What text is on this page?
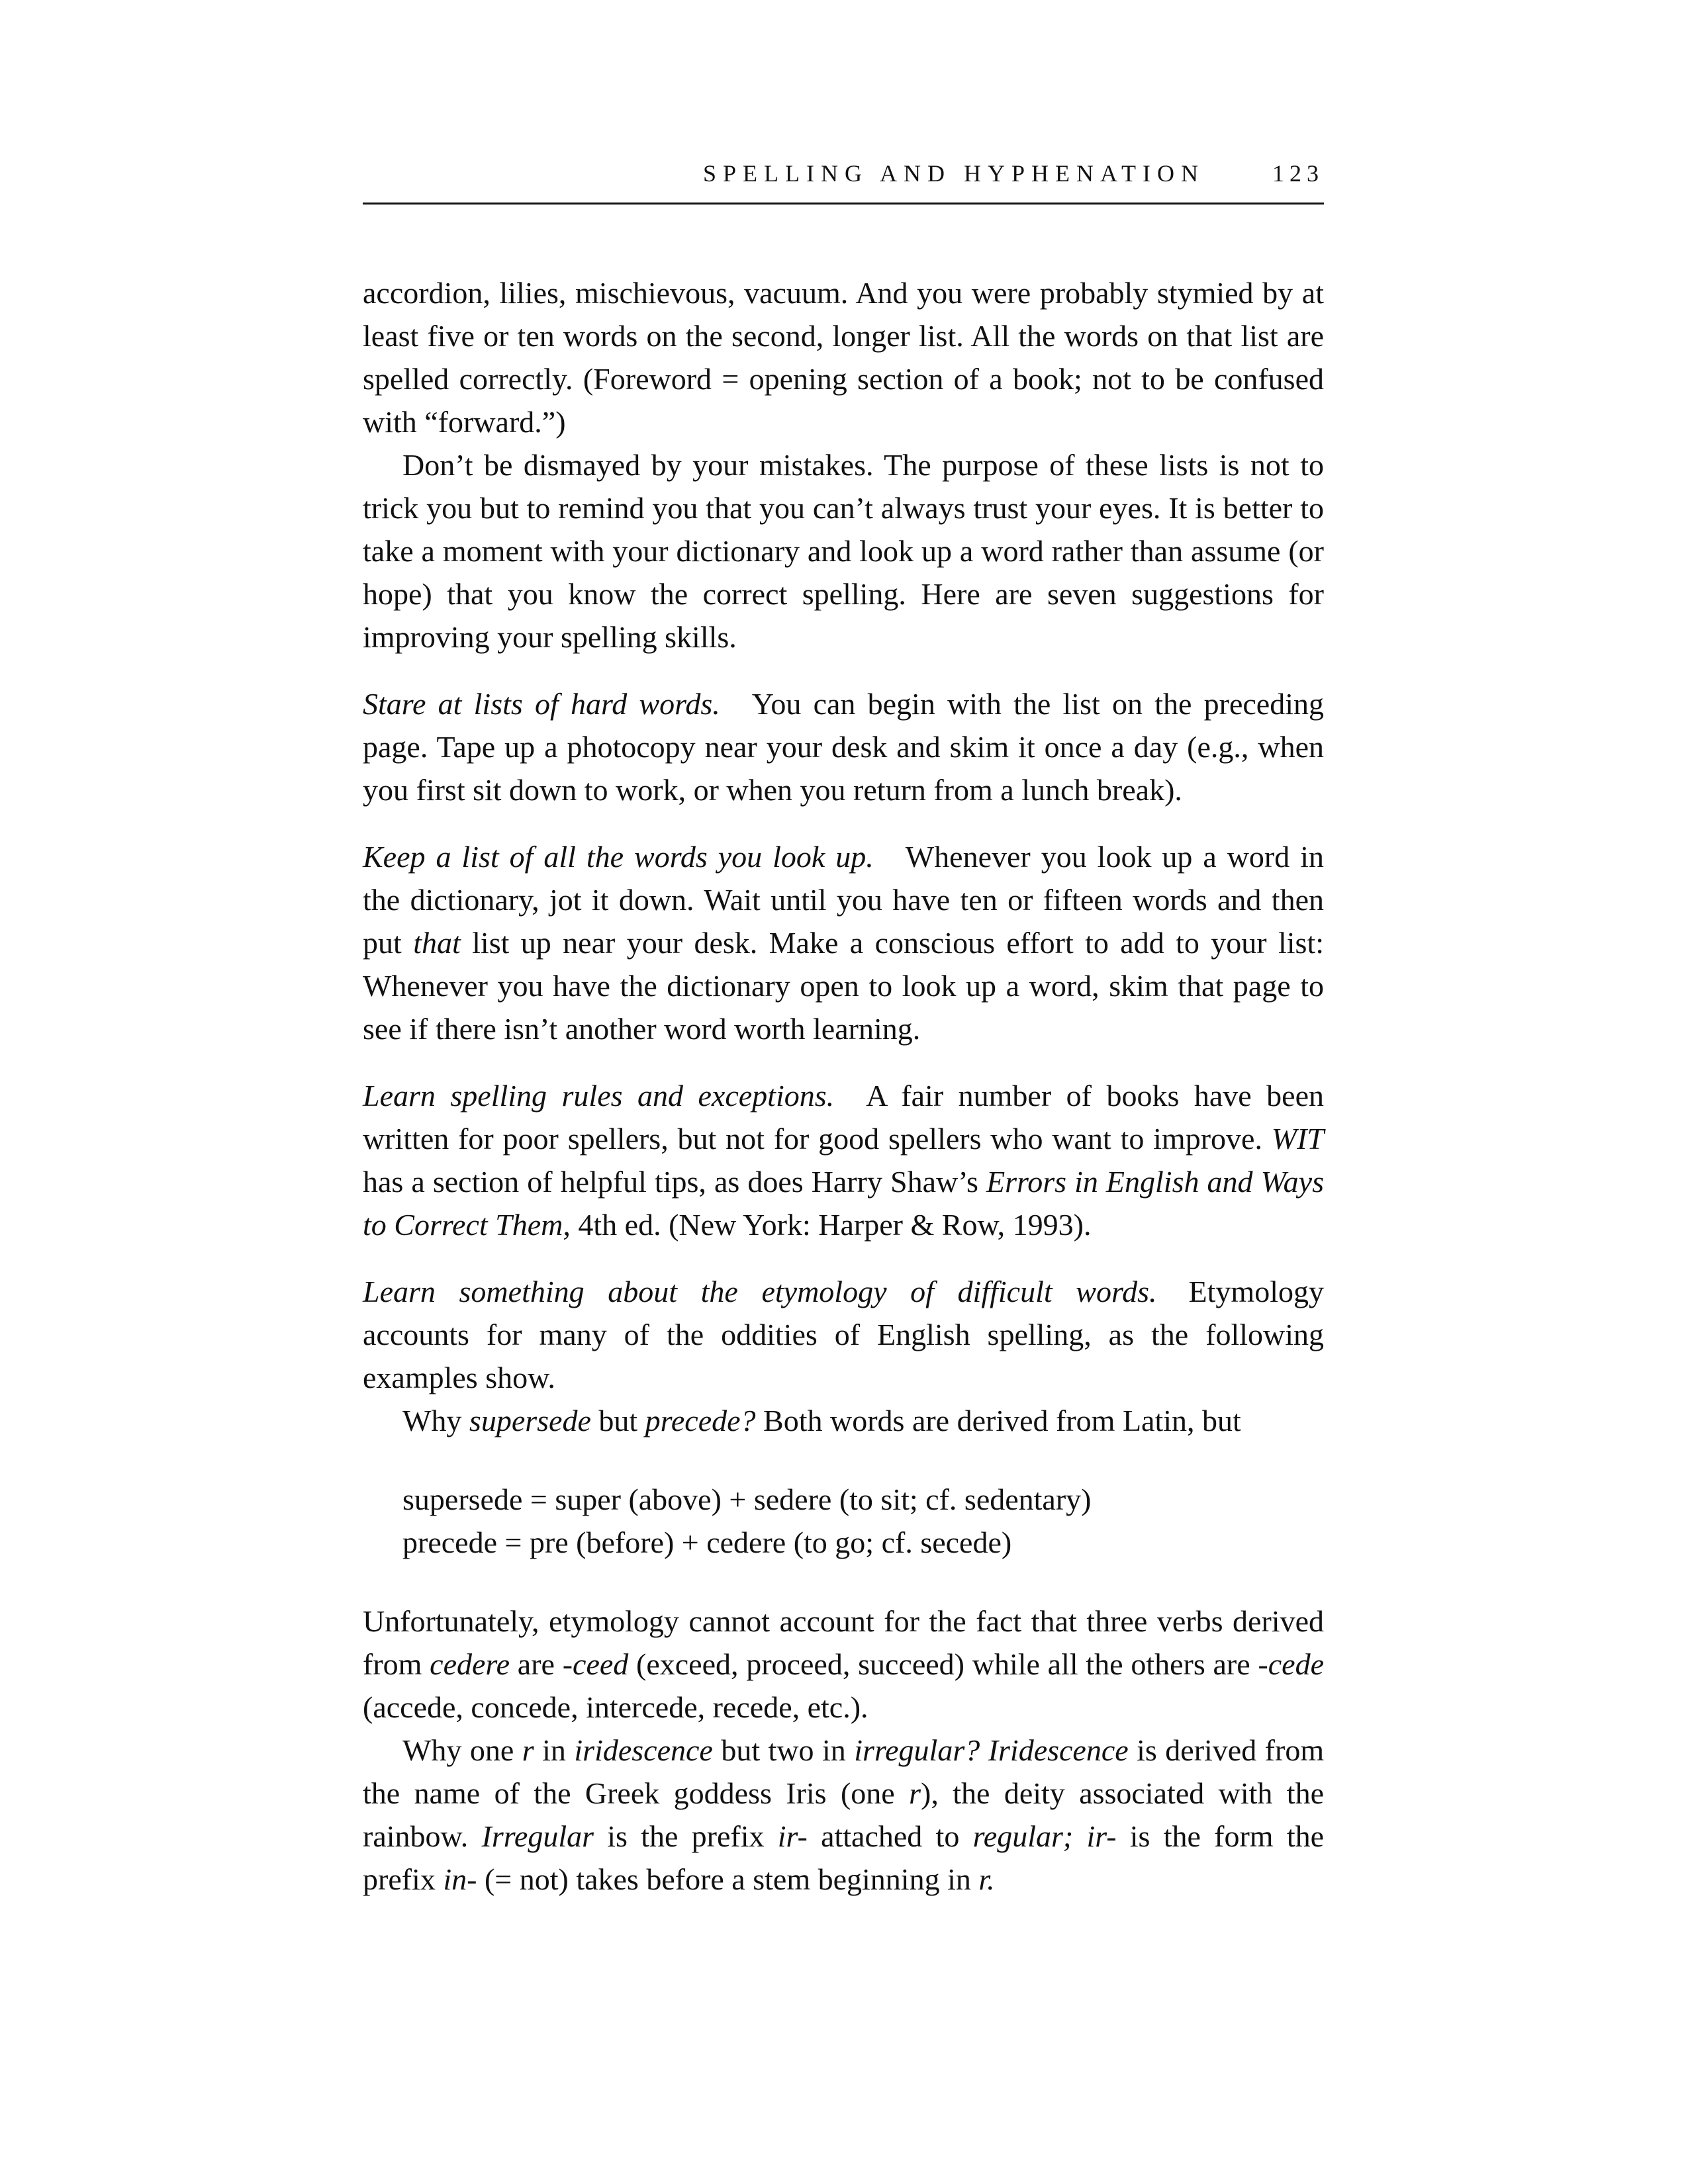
SPELLING AND HYPHENATION	123

accordion, lilies, mischievous, vacuum. And you were probably stymied by at least five or ten words on the second, longer list. All the words on that list are spelled correctly. (Foreword = opening section of a book; not to be confused with “forward.”)

Don’t be dismayed by your mistakes. The purpose of these lists is not to trick you but to remind you that you can’t always trust your eyes. It is better to take a moment with your dictionary and look up a word rather than assume (or hope) that you know the correct spelling. Here are seven suggestions for improving your spelling skills.

Stare at lists of hard words. You can begin with the list on the preceding page. Tape up a photocopy near your desk and skim it once a day (e.g., when you first sit down to work, or when you return from a lunch break).

Keep a list of all the words you look up. Whenever you look up a word in the dictionary, jot it down. Wait until you have ten or fifteen words and then put that list up near your desk. Make a conscious effort to add to your list: Whenever you have the dictionary open to look up a word, skim that page to see if there isn’t another word worth learning.

Learn spelling rules and exceptions. A fair number of books have been written for poor spellers, but not for good spellers who want to improve. WIT has a section of helpful tips, as does Harry Shaw’s Errors in English and Ways to Correct Them, 4th ed. (New York: Harper & Row, 1993).

Learn something about the etymology of difficult words. Etymology accounts for many of the oddities of English spelling, as the following examples show.

Why supersede but precede? Both words are derived from Latin, but

supersede = super (above) + sedere (to sit; cf. sedentary)
precede = pre (before) + cedere (to go; cf. secede)

Unfortunately, etymology cannot account for the fact that three verbs derived from cedere are -ceed (exceed, proceed, succeed) while all the others are -cede (accede, concede, intercede, recede, etc.).

Why one r in iridescence but two in irregular? Iridescence is derived from the name of the Greek goddess Iris (one r), the deity associated with the rainbow. Irregular is the prefix ir- attached to regular; ir- is the form the prefix in- (= not) takes before a stem beginning in r.
